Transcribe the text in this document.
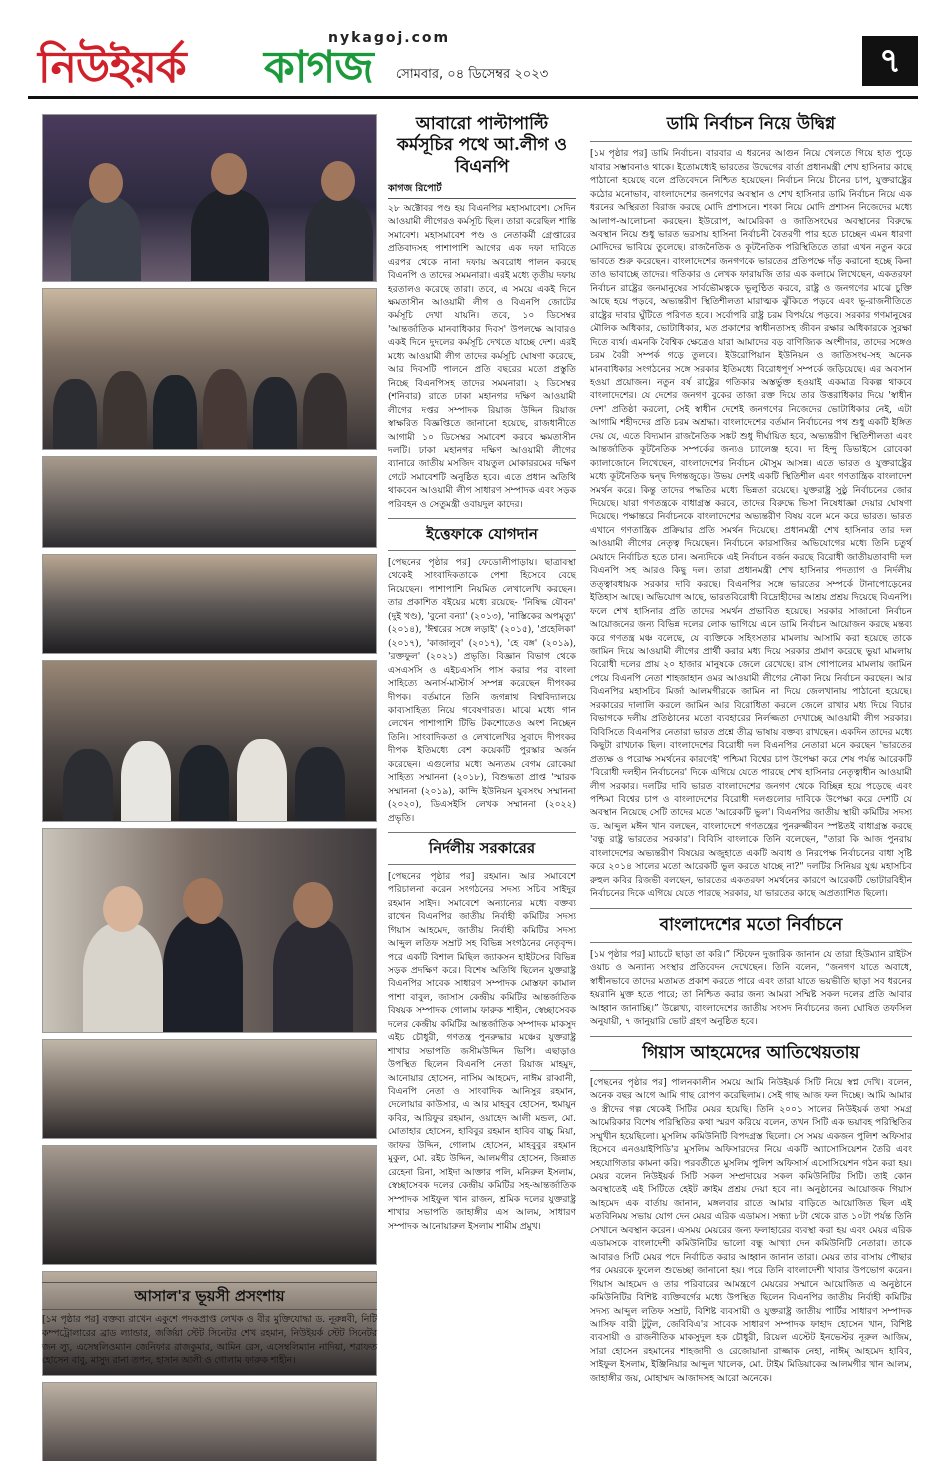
নিউইয়র্ক কাগজ
nykagoj.com
সোমবার, ০৪ ডিসেম্বর ২০২৩	৭
আবারো পাল্টাপাল্টি কর্মসূচির পথে আ.লীগ ও বিএনপি
কাগজ রিপোর্ট
২৮ অক্টোবর পণ্ড হয় বিএনপির মহাসমাবেশ। সেদিন আওয়ামী লীগেরও কর্মসূচি ছিল। তারা করেছিল শান্তি সমাবেশ। মহাসমাবেশ পণ্ড ও নেতাকর্মী গ্রেপ্তারের প্রতিবাদসহ পাশাপাশি আগের এক দফা দাবিতে এরপর থেকে নানা দফায় অবরোধ পালন করছে বিএনপি ও তাদের সমমনারা। এরই মধ্যে তৃতীয় দফায় হরতালও করেছে তারা। তবে, এ সময়ে একই দিনে ক্ষমতাসীন আওয়ামী লীগ ও বিএনপি জোটের কর্মসূচি দেখা যায়নি। তবে, ১০ ডিসেম্বর 'আন্তর্জাতিক মানবাধিকার দিবস' উপলক্ষে আবারও একই দিনে দুদলের কর্মসূচি দেখতে যাচ্ছে দেশ। এরই মধ্যে আওয়ামী লীগ তাদের কর্মসূচি ঘোষণা করেছে, আর দিবসটি পালনে প্রতি বছরের মতো প্রস্তুতি নিচ্ছে বিএনপিসহ তাদের সমমনারা। ২ ডিসেম্বর (শনিবার) রাতে ঢাকা মহানগর দক্ষিণ আওয়ামী লীগের দপ্তর সম্পাদক রিয়াজ উদ্দিন রিয়াজ স্বাক্ষরিত বিজ্ঞপ্তিতে জানানো হয়েছে, রাজধানীতে আগামী ১০ ডিসেম্বর সমাবেশ করবে ক্ষমতাসীন দলটি। ঢাকা মহানগর দক্ষিণ আওয়ামী লীগের ব্যানারে জাতীয় মসজিদ বায়তুল মোকাররমের দক্ষিণ গেটে সমাবেশটি অনুষ্ঠিত হবে। এতে প্রধান অতিথি থাকবেন আওয়ামী লীগ সাধারণ সম্পাদক এবং সড়ক পরিবহন ও সেতুমন্ত্রী ওবায়দুল কাদের।
ইত্তেফাকে যোগদান
[পেছনের পৃষ্ঠার পর] ফেডোলীপাড়ায়। ছাত্রাবস্থা থেকেই সাংবাদিকতাকে পেশা হিসেবে বেছে নিয়েছেন। পাশাপাশি নিয়মিত লেখালেখি করছেন। তার প্রকাশিত বইয়ের মধ্যে রয়েছে- 'নিষিদ্ধ যৌবন' (দুই খণ্ড), 'বুনো বন্যা' (২০১৩), 'নাস্তিকের অপমৃত্যু' (২০১৪), 'ঈশ্বরের সঙ্গে লড়াই' (২০১৫), 'প্রহেলিকা' (২০১৭), 'কাজালুব' (২০১৭), 'হে বঙ্গ' (২০১৯), 'রক্তফুল' (২০২১) প্রভৃতি। বিজ্ঞান বিভাগ থেকে এসএসসি ও এইচএসসি পাস করার পর বাংলা সাহিত্যে অনার্স-মাস্টার্স সম্পন্ন করেছেন দীপংকর দীপক। বর্তমানে তিনি জগন্নাথ বিশ্ববিদ্যালয়ে কাব্যসাহিত্য নিয়ে গবেষণারত। মাঝে মধ্যে গান লেখেন পাশাপাশি টিভি টকশোতেও অংশ নিচ্ছেন তিনি। সাংবাদিকতা ও লেখালেখির সুবাদে দীপংকর দীপক ইতিমধ্যে বেশ কয়েকটি পুরস্কার অর্জন করেছেন। এগুলোর মধ্যে অন্যতম বেগম রোকেয়া সাহিত্য সম্মাননা (২০১৮), বিশুদ্ধতা প্রাপ্ত 'স্মারক সম্মাননা (২০১৯), কান্দি ইউনিয়ন যুবসংঘ সম্মাননা (২০২০), ডিএসইসি লেখক সম্মাননা (২০২২) প্রভৃতি।
নির্দলীয় সরকারের
[পেছনের পৃষ্ঠার পর] রহমান। আর সমাবেশে পরিচালনা করেন সংগঠনের সদস্য সচিব সাইদুর রহমান সাইদ। সমাবেশে অন্যান্যের মধ্যে বক্তব্য রাখেন বিএনপির জাতীয় নির্বাহী কমিটির সদস্য গিয়াস আহমেদ, জাতীয় নির্বাহী কমিটির সদস্য আব্দুল লতিফ সম্রাট সহ বিভিন্ন সংগঠনের নেতৃবৃন্দ। পরে একটি বিশাল মিছিল জ্যাকসন হাইটসের বিভিন্ন সড়ক প্রদক্ষিণ করে। বিশেষ অতিথি ছিলেন যুক্তরাষ্ট্র বিএনপির সাবেক সাধারণ সম্পাদক মোস্তফা কামাল পাশা বাবুল, জাসাস কেন্দ্রীয় কমিটির আন্তর্জাতিক বিষয়ক সম্পাদক গোলাম ফারুক শাহীন, স্বেচ্ছাসেবক দলের কেন্দ্রীয় কমিটির আন্তর্জাতিক সম্পাদক মাকসুদ এইচ চৌধুরী, গণতন্ত্র পুনরুদ্ধার মঞ্চের যুক্তরাষ্ট্র শাখার সভাপতি জসীমউদ্দিন ভিপি। এছাড়াও উপস্থিত ছিলেন বিএনপি নেতা রিয়াজ মাহমুদ, আনোয়ার হোসেন, নাসিম আহমেদ, নাঈম রাব্বানী, বিএনপি নেতা ও সাংবাদিক আনিসুর রহমান, দেলোয়ার কাউসার, এ আর মাহবুব হোসেন, হুমায়ুন কবির, আরিফুর রহমান, ওয়াহেদ আলী মন্ডল, মো. মোতাহার হোসেন, হাবিবুর রহমান হাবিব বাচ্চু মিয়া, জাফর উদ্দিন, গোলাম হোসেন, মাহবুবুর রহমান মুকুল, মো. রইচ উদ্দিন, আলমগীর হোসেন, জিন্নাত রেহেনা রিনা, সাইদা আক্তার পলি, মনিরুল ইসলাম, স্বেচ্ছাসেবক দলের কেন্দ্রীয় কমিটির সহ-আন্তর্জাতিক সম্পাদক সাইফুল খান রাজন, শ্রমিক দলের যুক্তরাষ্ট্র শাখার সভাপতি জাহাঙ্গীর এস আলম, সাধারণ সম্পাদক আনোয়ারুল ইসলাম শামীম প্রমুখ।
ডামি নির্বাচন নিয়ে উদ্বিগ্ন
[১ম পৃষ্ঠার পর] ডামি নির্বাচন। বারবার এ ধরনের আগুন নিয়ে খেলতে গিয়ে হাত পুড়ে যাবার সম্ভাবনাও থাকে। ইতোমধ্যেই ভারতের উদ্বেগের বার্তা প্রধানমন্ত্রী শেখ হাসিনার কাছে পাঠানো হয়েছে বলে প্রতিবেদনে নিশ্চিত হয়েছেন। নির্বাচন নিয়ে চীনের চাপ, যুক্তরাষ্ট্রের কঠোর মনোভাব, বাংলাদেশের জনগণের অবস্থান ও শেখ হাসিনার ডামি নির্বাচন নিয়ে এক ধরনের অস্থিরতা বিরাজ করছে মোদি প্রশাসনে। শংকা নিয়ে মোদি প্রশাসন নিজেদের মধ্যে আলাপ-আলোচনা করছেন। ইউরোপ, আমেরিকা ও জাতিসংঘের অবস্থানের বিরুদ্ধে অবস্থান নিয়ে শুধু ভারত ভরসায় হাসিনা নির্বাচনী বৈতরণী পার হতে চাচ্ছেন এমন ধারণা মোদিদের ভাবিয়ে তুলেছে। রাজনৈতিক ও কূটনৈতিক পরিস্থিতিতে তারা এখন নতুন করে ভাবতে শুরু করেছেন। বাংলাদেশের জনগণকে ভারতের প্রতিপক্ষে দাঁড় করানো হচ্ছে কিনা তাও ভাবাচ্ছে তাদের। গতিকার ও লেখক ফারায়জি তার এক কলামে লিখেছেন, একতরফা নির্বাচন রাষ্ট্রের জনমানুষের সার্বভৌমত্বকে ভূলুণ্ঠিত করবে, রাষ্ট্র ও জনগণের মাঝে চুক্তি আছে হয়ে পড়বে, অভ্যন্তরীণ স্থিতিশীলতা মারাত্মক ঝুঁকিতে পড়বে এবং ভূ-রাজনীতিতে রাষ্ট্রের দাবার ঘুঁটিতে পরিণত হবে। সর্বোপরি রাষ্ট্র চরম বিপর্যয়ে পড়বে। সরকার গণমানুষের মৌলিক অধিকার, ভোটাধিকার, মত প্রকাশের স্বাধীনতাসহ জীবন রক্ষার অধিকারকে সুরক্ষা দিতে ব্যর্থ। এমনকি বৈশ্বিক ক্ষেত্রেও যারা আমাদের বড় বাণিজ্যিক অংশীদার, তাদের সঙ্গেও চরম বৈরী সম্পর্ক গড়ে তুলবে। ইউরোপিয়ান ইউনিয়ন ও জাতিসংঘ-সহ অনেক মানবাধিকার সংগঠনের সঙ্গে সরকার ইতিমধ্যে বিরোধপূর্ণ সম্পর্কে জড়িয়েছে। এর অবসান হওয়া প্রয়োজন। নতুন বর্ষ রাষ্ট্রের গতিকার অস্তর্ভুক্ত হওয়াই একমাত্র বিকল্প থাকবে বাংলাদেশের। যে দেশের জনগণ বুকের তাজা রক্ত দিয়ে তার উত্তরাধিকার দিয়ে 'স্বাধীন দেশ' প্রতিষ্ঠা করলো, সেই স্বাধীন দেশেই জনগণের নিজেদের ভোটাধিকার নেই, এটা আগামি শহীদদের প্রতি চরম অশ্রদ্ধা। বাংলাদেশের বর্তমান নির্বাচনের পথ শুধু একটি ইঙ্গিত দেয় যে, এতে বিদ্যমান রাজনৈতিক সঙ্কট শুধু দীর্ঘায়িত হবে, অভ্যন্তরীণ স্থিতিশীলতা এবং আন্তর্জাতিক কূটনৈতিক সম্পর্কের জন্যও চ্যালেঞ্জ হবে। দ্য হিন্দু ডিভাইসে রোবেকা ক্যালাজোনে লিখেছেন, বাংলাদেশের নির্বাচন মৌসুম আসন্ন। এতে ভারত ও যুক্তরাষ্ট্রের মধ্যে কূটনৈতিক দ্বন্দ্ব দিগন্তজুড়ে। উভয় দেশই একটি স্থিতিশীল এবং গণতান্ত্রিক বাংলাদেশ সমর্থন করে। কিন্তু তাদের পদ্ধতির মধ্যে ভিন্নতা রয়েছে। যুক্তরাষ্ট্র সুষ্ঠু নির্বাচনের জোর দিয়েছে। যারা গণতন্ত্রকে বাধাগ্রস্ত করবে, তাদের বিরুদ্ধে ভিসা নিষেধাজ্ঞা দেয়ার ঘোষণা দিয়েছে। পক্ষান্তরে নির্বাচনকে বাংলাদেশের অভ্যন্তরীণ বিষয় বলে মনে করে ভারত। ভারত এখানে গণতান্ত্রিক প্রক্রিয়ার প্রতি সমর্থন দিয়েছে। প্রধানমন্ত্রী শেখ হাসিনার তার দল আওয়ামী লীগের নেতৃত্ব দিয়েছেন। নির্বাচনে কারসাজির অভিযোগের মধ্যে তিনি চতুর্থ মেয়াদে নির্বাচিত হতে চান। অন্যদিকে এই নির্বাচন বর্জন করছে বিরোধী জাতীয়তাবাদী দল বিএনপি সহ আরও কিছু দল। তারা প্রধানমন্ত্রী শেখ হাসিনার পদত্যাগ ও নির্দলীয় তত্ত্বাবধায়ক সরকার দাবি করছে। বিএনপির সঙ্গে ভারতের সম্পর্কে টানাপোড়েনের ইতিহাস আছে। অভিযোগ আছে, ভারতবিরোধী বিদ্রোহীদের আশ্রয় প্রশ্রয় দিয়েছে বিএনপি। ফলে শেখ হাসিনার প্রতি তাদের সমর্থন প্রভাবিত হয়েছে। সরকার সাজানো নির্বাচন আয়োজনের জন্য বিভিন্ন দলের লোক ভাগিয়ে এনে ডামি নির্বাচন আয়োজন করছে মন্তব্য করে গণতন্ত্র মঞ্চ বলেছে, যে ব্যক্তিকে সহিংসতার মামলায় আসামি করা হয়েছে তাকে জামিন দিয়ে আওয়ামী লীগের প্রার্থী করার মধ্য দিয়ে সরকার প্রমাণ করেছে ভুয়া মামলায় বিরোধী দলের প্রায় ২০ হাজার মানুষকে জেলে রেখেছে। রাস গোপালের মামলায় জামিন পেয়ে বিএনপি নেতা শাহজাহান ওমর আওয়ামী লীগের নৌকা নিয়ে নির্বাচন করছেন। আর বিএনপির মহাসচিব মির্জা আলমগীরকে জামিন না দিয়ে জেলখানায় পাঠানো হয়েছে। সরকারের দালালি করলে জামিন আর বিরোধিতা করলে জেলে রাখার মধ্য দিয়ে বিচার বিভাগকে দলীয় প্রতিষ্ঠানের মতো ব্যবহারের নির্লজ্জতা দেখাচ্ছে আওয়ামী লীগ সরকার। বিবিসিতে বিএনপির নেতারা ভারত প্রশ্নে তীব্র ভাষায় বক্তব্য রাখছেন। একদিন তাদের মধ্যে কিছুটা রাখঢাক ছিল। বাংলাদেশের বিরোধী দল বিএনপির নেতারা মনে করছেন 'ভারতের প্রত্যক্ষ ও পরোক্ষ সমর্থনের কারণেই' পশ্চিমা বিশ্বের চাপ উপেক্ষা করে শেষ পর্যন্ত আরেকটি 'বিরোধী দলহীন নির্বাচনের' দিকে এগিয়ে যেতে পারছে শেখ হাসিনার নেতৃত্বাধীন আওয়ামী লীগ সরকার। দলটির দাবি ভারত বাংলাদেশের জনগণ থেকে বিচ্ছিন্ন হয়ে পড়েছে এবং পশ্চিমা বিশ্বের চাপ ও বাংলাদেশের বিরোধী দলগুলোর দাবিকে উপেক্ষা করে দেশটি যে অবস্থান নিয়েছে সেটি তাদের মতে 'আরেকটি ভুল'। বিএনপির জাতীয় স্থায়ী কমিটির সদস্য ড. আব্দুল মঈন খান বলছেন, বাংলাদেশে গণতন্ত্রের পুনরুজ্জীবন স্পষ্টতই বাধাগ্রস্ত করছে 'বন্ধু রাষ্ট্র ভারতের সরকার'। বিবিসি বাংলাকে তিনি বলেছেন, "তারা কি আজ পুনরায় বাংলাদেশের অভ্যন্তরীণ বিষয়ের অজুহাতে একটি অবাধ ও নিরপেক্ষ নির্বাচনের বাধা সৃষ্টি করে ২০১৪ সালের মতো আরেকটি ভুল করতে যাচ্ছে না?" দলটির সিনিয়র যুগ্ম মহাসচিব রুহুল কবির রিজভী বলছেন, ভারতের একতরফা সমর্থনের কারণে আরেকটি ভোটারবিহীন নির্বাচনের দিকে এগিয়ে যেতে পারছে সরকার, যা ভারতের কাছে অপ্রত্যাশিত ছিলো।
বাংলাদেশের মতো নির্বাচনে
[১ম পৃষ্ঠার পর] ম্যাচটে ছাড়া তা করি।” স্টিফেন দুজারিক জানান যে তারা হিউম্যান রাইটস ওয়াচ ও অন্যান্য সংস্থার প্রতিবেদন দেখেছেন। তিনি বলেন, “জনগণ যাতে অবাধে, স্বাধীনভাবে তাদের মতামত প্রকাশ করতে পারে এবং তারা যাতে ভয়ভীতি ছাড়া সব ধরনের হয়রানি মুক্ত হতে পারে; তা নিশ্চিত করার জন্য আমরা সম্মিষ্ট সকল দলের প্রতি আবার আহ্বান জানাচ্ছি।” উল্লেখ্য, বাংলাদেশের জাতীয় সংসদ নির্বাচনের জন্য ঘোষিত তফসিল অনুযায়ী, ৭ জানুয়ারি ভোট গ্রহণ অনুষ্ঠিত হবে।
গিয়াস আহমেদের আতিথেয়তায়
[পেছনের পৃষ্ঠার পর] পালনকালীন সময়ে আমি নিউইয়র্ক সিটি নিয়ে স্বপ্ন দেখি। বলেন, অনেক বছর আগে আমি গাছ রোপণ করেছিলাম। সেই গাছ আজ ফল দিচ্ছে। আমি আমার ও স্ত্রীদের গল্প থেকেই সিটির মেয়র হয়েছি। তিনি ২০০১ সালের নিউইয়র্ক তথা সমগ্র আমেরিকার বিশেষ পরিস্থিতির কথা স্মরণ করিয়ে বলেন, তখন সিটি এক ভয়াবহ পরিস্থিতির সম্মুখীন হয়েছিলো। মুসলিম কমিউনিটি বিপদগ্রস্ত ছিলো। সে সময় একজন পুলিশ অফিসার হিসেবে এনওয়াইপিডি'র মুসলিম অফিসারদের নিয়ে একটি অ্যাসোসিয়েশন তৈরি এবং সহযোগিতার কামনা করি। পরবর্তীতে মুসলিম পুলিশ অফিসার্স এসোসিয়েশন গঠন করা হয়। মেয়র বলেন নিউইয়র্ক সিটি সকল সম্প্রদায়ের সকল কমিউনিটির সিটি। তাই কোন অবস্থাতেই এই সিটিতে হেইট ক্রাইম প্রশ্রয় দেয়া হবে না। অনুষ্ঠানের আয়োজক গিয়াস আহমেদ এক বার্তায় জানান, মঙ্গলবার রাতে আমার বাড়িতে আয়োজিত ছিল এই মতবিনিময় সভায় যোগ দেন মেয়র এরিক এডামস। সন্ধ্যা ৮টা থেকে রাত ১০টা পর্যন্ত তিনি সেখানে অবস্থান করেন। এসময় মেয়রের জন্য ফলাহারের ব্যবস্থা করা হয় এবং মেয়র এরিক এডামসকে বাংলাদেশী কমিউনিটির ভালো বন্ধু আখ্যা দেন কমিউনিটি নেতারা। তাকে আবারও সিটি মেয়র পদে নির্বাচিত করার আহ্বান জানান তারা। মেয়র তার বাসায় পৌছার পর মেয়রকে ফুলেল শুভেচ্ছা জানানো হয়। পরে তিনি বাংলাদেশী খাবার উপভোগ করেন। গিয়াস আহমেদ ও তার পরিবারের আমন্ত্রণে মেয়রের সম্মানে আয়োজিত এ অনুষ্ঠানে কমিউনিটির বিশিষ্ট ব্যক্তিবর্গের মধ্যে উপস্থিত ছিলেন বিএনপির জাতীয় নির্বাহী কমিটির সদস্য আব্দুল লতিফ সম্রাট, বিশিষ্ট ব্যবসায়ী ও যুক্তরাষ্ট্র জাতীয় পার্টির সাধারণ সম্পাদক আসিফ বারী টুটুল, জেবিবিএ'র সাবেক সাধারণ সম্পাদক ফাহাদ হোসেন খান, বিশিষ্ট ব্যবসায়ী ও রাজনীতিক মাকসুদুল হক চৌধুরী, রিয়েল এস্টেট ইনভেস্টর নূরুল আজিম, সারা হোসেন রহমানের শাহজাদী ও রেজোয়ানা রাজ্জাক নেহা, নাঈম্ আহমেদ হাবিব, সাইফুল ইসলাম, ইঞ্জিনিয়ার আব্দুল খালেক, মো. টাইম মিডিয়াকের আলমগীর খান আলম, জাহাঙ্গীর জয়, মোহাম্মদ আজাদসহ আরো অনেকে।
আসাল'র ভূয়সী প্রসংশায়
[১ম পৃষ্ঠার পর] বক্তব্য রাখেন একুশে পদকপ্রাপ্ত লেখক ও বীর মুক্তিযোদ্ধা ড. নূরুন্নবী, নিটি কম্পট্রোলারের ব্রাড ল্যান্ডার, জর্জিয়া স্টেট সিনেটর শেখ রহমান, নিউইয়র্ক স্টেট সিনেটর জন ল্যু, এসেম্বলিওম্যান জেনিফার রাজকুমার, আমিন রেস, এসেম্বলিম্যান নাদিয়া, শরাফত হোসেন বাবু, মাসুদ রানা তপন, হাসান আলী ও গোলাম ফারুক শাহীন।
